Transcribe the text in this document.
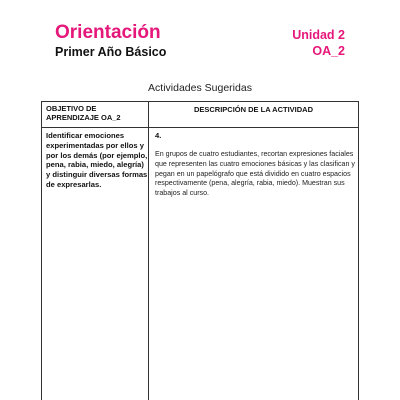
Orientación
Primer Año Básico
Unidad 2
OA_2
Actividades Sugeridas
OBJETIVO DE APRENDIZAJE OA_2
Identificar emociones experimentadas por ellos y por los demás (por ejemplo, pena, rabia, miedo, alegría) y distinguir diversas formas de expresarlas.
DESCRIPCIÓN DE LA ACTIVIDAD
4.
En grupos de cuatro estudiantes, recortan expresiones faciales que representen las cuatro emociones básicas y las clasifican y pegan en un papelógrafo que está dividido en cuatro espacios respectivamente (pena, alegría, rabia, miedo). Muestran sus trabajos al curso.
